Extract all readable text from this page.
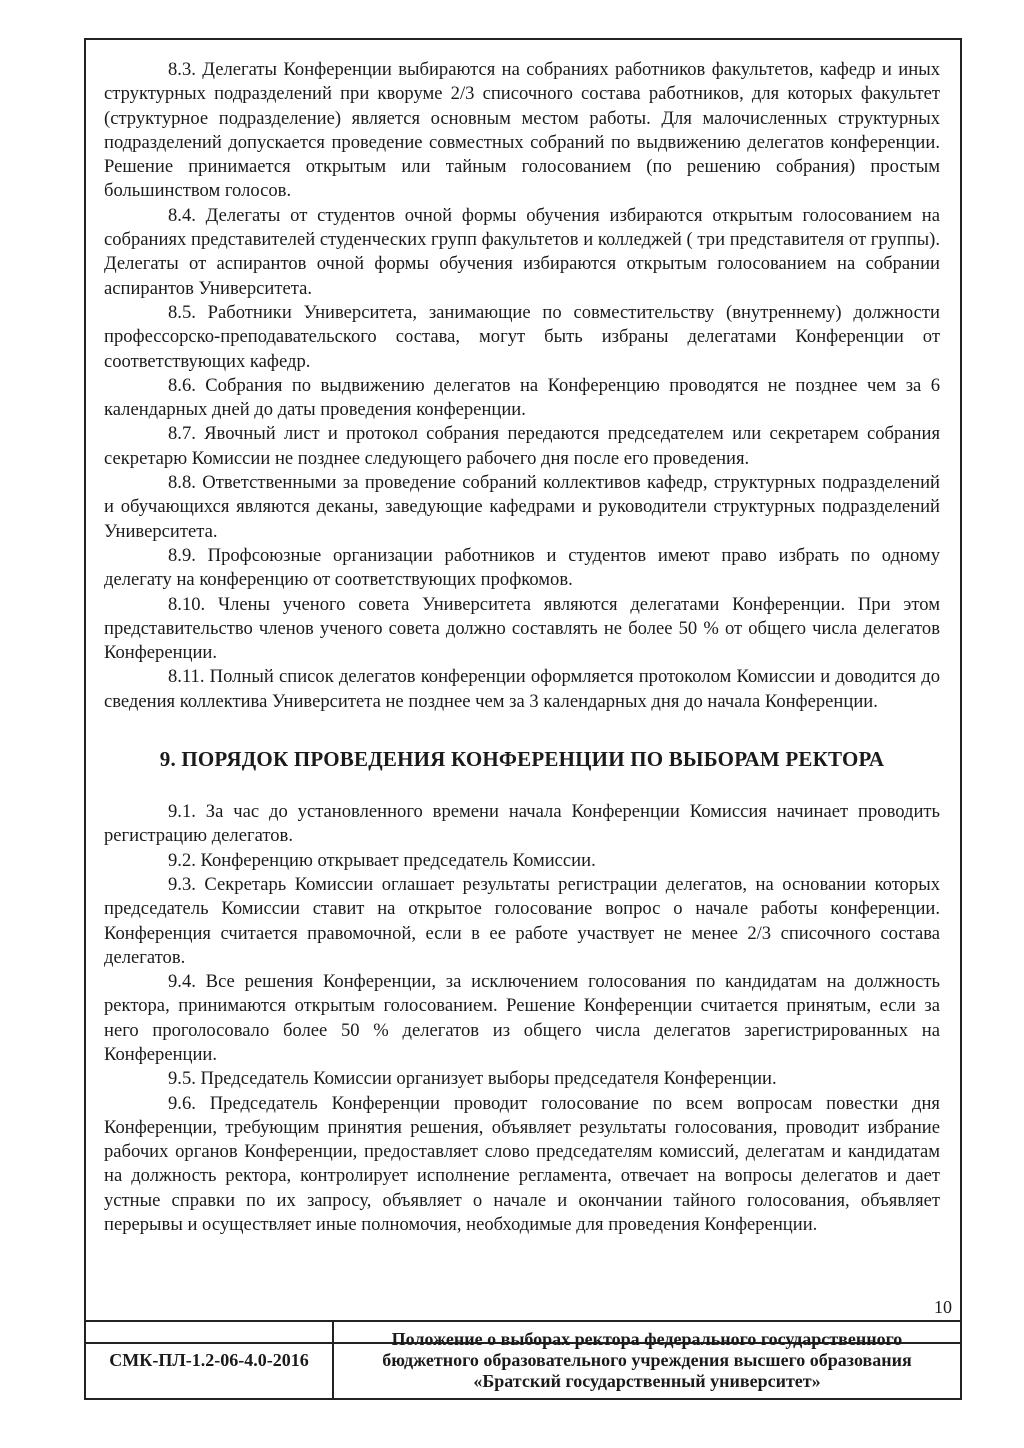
8.3. Делегаты Конференции выбираются на собраниях работников факультетов, кафедр и иных структурных подразделений при кворуме 2/3 списочного состава работников, для которых факультет (структурное подразделение) является основным местом работы. Для малочисленных структурных подразделений допускается проведение совместных собраний по выдвижению делегатов конференции. Решение принимается открытым или тайным голосованием (по решению собрания) простым большинством голосов.

8.4. Делегаты от студентов очной формы обучения избираются открытым голосованием на собраниях представителей студенческих групп факультетов и колледжей ( три представителя от группы). Делегаты от аспирантов очной формы обучения избираются открытым голосованием на собрании аспирантов Университета.

8.5. Работники Университета, занимающие по совместительству (внутреннему) должности профессорско-преподавательского состава, могут быть избраны делегатами Конференции от соответствующих кафедр.

8.6. Собрания по выдвижению делегатов на Конференцию проводятся не позднее чем за 6 календарных дней до даты проведения конференции.

8.7. Явочный лист и протокол собрания передаются председателем или секретарем собрания секретарю Комиссии не позднее следующего рабочего дня после его проведения.

8.8. Ответственными за проведение собраний коллективов кафедр, структурных подразделений и обучающихся являются деканы, заведующие кафедрами и руководители структурных подразделений Университета.

8.9. Профсоюзные организации работников и студентов имеют право избрать по одному делегату на конференцию от соответствующих профкомов.

8.10. Члены ученого совета Университета являются делегатами Конференции. При этом представительство членов ученого совета должно составлять не более 50 % от общего числа делегатов Конференции.

8.11. Полный список делегатов конференции оформляется протоколом Комиссии и доводится до сведения коллектива Университета не позднее чем за 3 календарных дня до начала Конференции.

9. ПОРЯДОК ПРОВЕДЕНИЯ КОНФЕРЕНЦИИ ПО ВЫБОРАМ РЕКТОРА

9.1. За час до установленного времени начала Конференции Комиссия начинает проводить регистрацию делегатов.

9.2. Конференцию открывает председатель Комиссии.

9.3. Секретарь Комиссии оглашает результаты регистрации делегатов, на основании которых председатель Комиссии ставит на открытое голосование вопрос о начале работы конференции. Конференция считается правомочной, если в ее работе участвует не менее 2/3 списочного состава делегатов.

9.4. Все решения Конференции, за исключением голосования по кандидатам на должность ректора, принимаются открытым голосованием. Решение Конференции считается принятым, если за него проголосовало более 50 % делегатов из общего числа делегатов зарегистрированных на Конференции.

9.5. Председатель Комиссии организует выборы председателя Конференции.

9.6. Председатель Конференции проводит голосование по всем вопросам повестки дня Конференции, требующим принятия решения, объявляет результаты голосования, проводит избрание рабочих органов Конференции, предоставляет слово председателям комиссий, делегатам и кандидатам на должность ректора, контролирует исполнение регламента, отвечает на вопросы делегатов и дает устные справки по их запросу, объявляет о начале и окончании тайного голосования, объявляет перерывы и осуществляет иные полномочия, необходимые для проведения Конференции.

10
СМК-ПЛ-1.2-06-4.0-2016
Положение о выборах ректора федерального государственного
бюджетного образовательного учреждения высшего образования
«Братский государственный университет»
